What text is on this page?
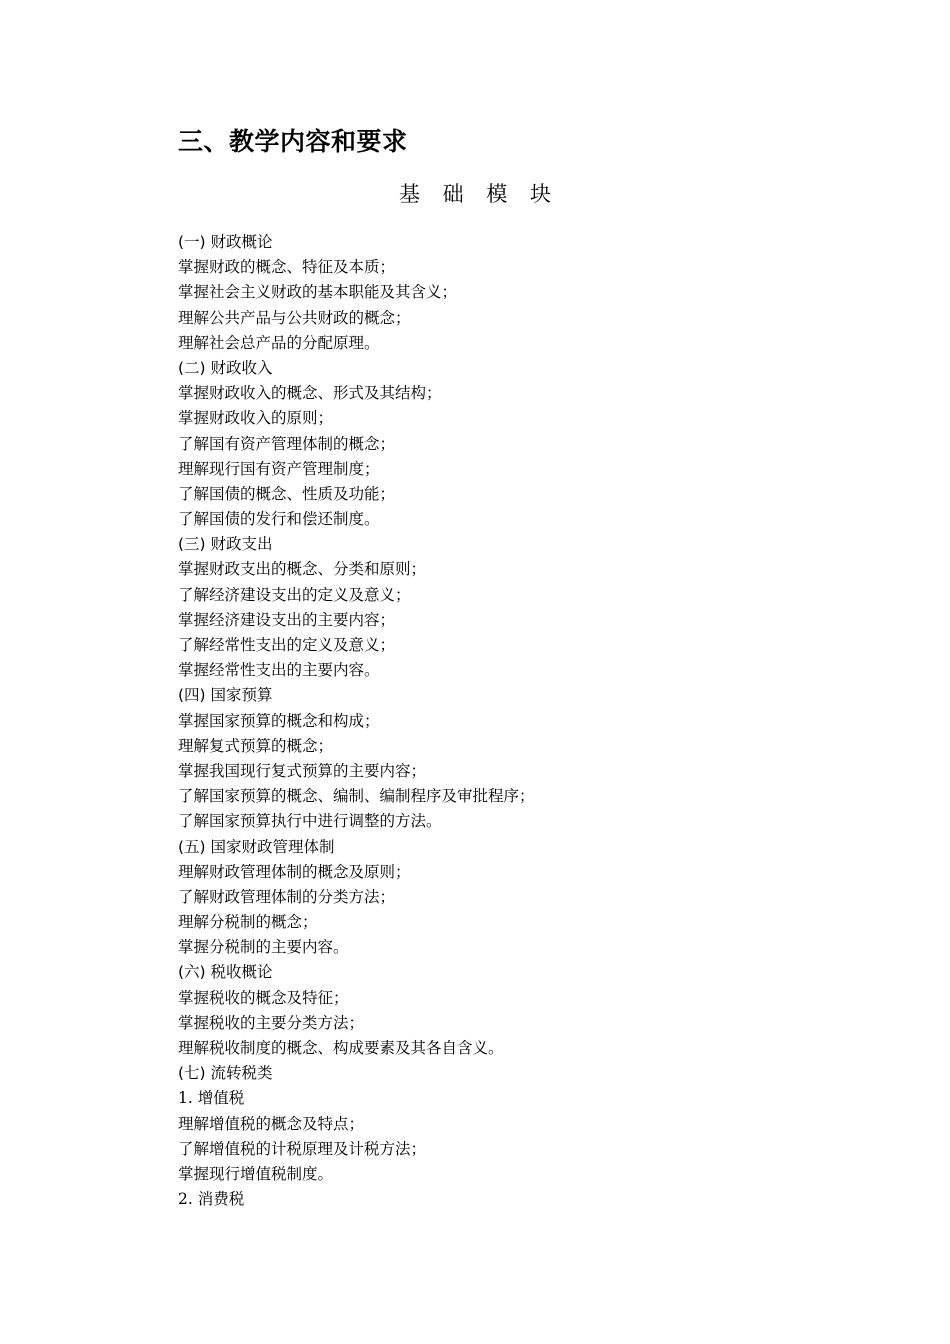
三、教学内容和要求
基 础 模 块
(一) 财政概论
掌握财政的概念、特征及本质；
掌握社会主义财政的基本职能及其含义；
理解公共产品与公共财政的概念；
理解社会总产品的分配原理。
(二) 财政收入
掌握财政收入的概念、形式及其结构；
掌握财政收入的原则；
了解国有资产管理体制的概念；
理解现行国有资产管理制度；
了解国债的概念、性质及功能；
了解国债的发行和偿还制度。
(三) 财政支出
掌握财政支出的概念、分类和原则；
了解经济建设支出的定义及意义；
掌握经济建设支出的主要内容；
了解经常性支出的定义及意义；
掌握经常性支出的主要内容。
(四) 国家预算
掌握国家预算的概念和构成；
理解复式预算的概念；
掌握我国现行复式预算的主要内容；
了解国家预算的概念、编制、编制程序及审批程序；
了解国家预算执行中进行调整的方法。
(五) 国家财政管理体制
理解财政管理体制的概念及原则；
了解财政管理体制的分类方法；
理解分税制的概念；
掌握分税制的主要内容。
(六) 税收概论
掌握税收的概念及特征；
掌握税收的主要分类方法；
理解税收制度的概念、构成要素及其各自含义。
(七) 流转税类
1. 增值税
理解增值税的概念及特点；
了解增值税的计税原理及计税方法；
掌握现行增值税制度。
2. 消费税
